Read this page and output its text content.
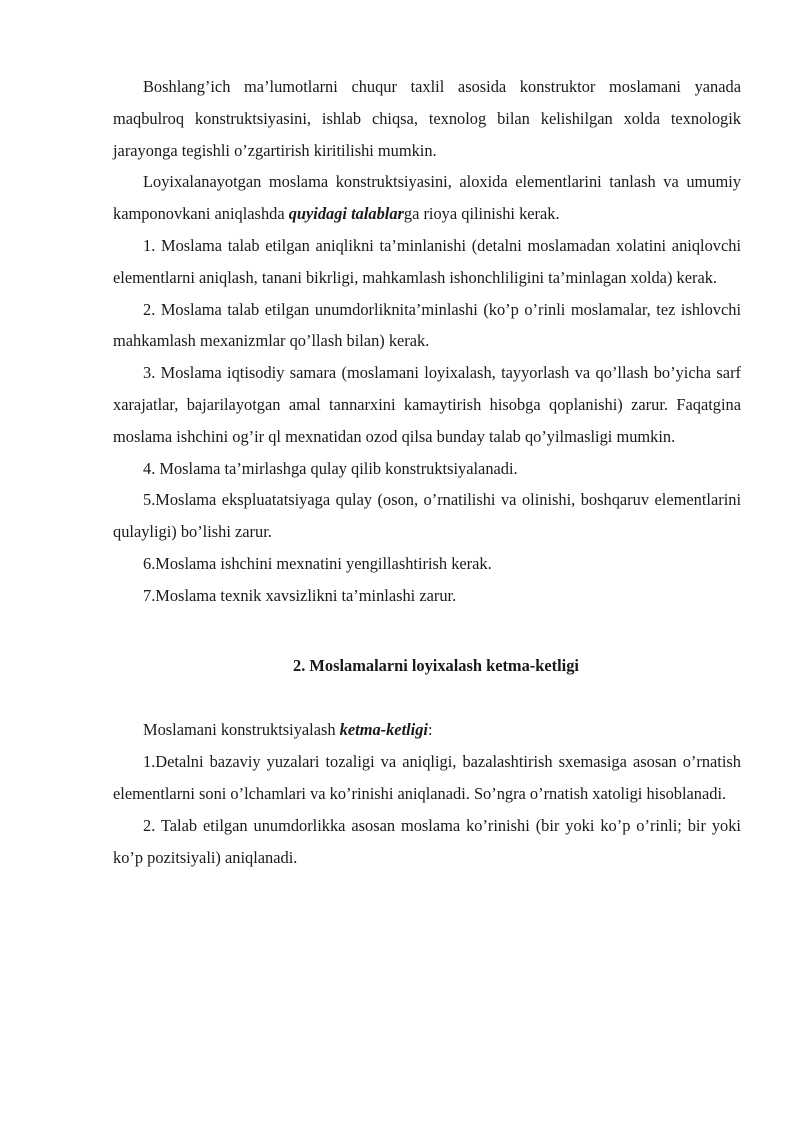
Boshlang’ich ma’lumotlarni chuqur taxlil asosida konstruktor moslamani yanada maqbulroq konstruktsiyasini, ishlab chiqsa, texnolog bilan kelishilgan xolda texnologik jarayonga tegishli o’zgartirish kiritilishi mumkin.

Loyixalanayotgan moslama konstruktsiyasini, aloxida elementlarini tanlash va umumiy kamponovkani aniqlashda quyidagi talablarga rioya qilinishi kerak.

1. Moslama talab etilgan aniqlikni ta’minlanishi (detalni moslamadan xolatini aniqlovchi elementlarni aniqlash, tanani bikrligi, mahkamlash ishonchliligini ta’minlagan xolda) kerak.

2. Moslama talab etilgan unumdorliknita’minlashi (ko’p o’rinli moslamalar, tez ishlovchi mahkamlash mexanizmlar qo’llash bilan) kerak.

3. Moslama iqtisodiy samara (moslamani loyixalash, tayyorlash va qo’llash bo’yicha sarf xarajatlar, bajarilayotgan amal tannarxini kamaytirish hisobga qoplanishi) zarur. Faqatgina moslama ishchini og’ir ql mexnatidan ozod qilsa bunday talab qo’yilmasligi mumkin.

4. Moslama ta’mirlashga qulay qilib konstruktsiyalanadi.

5.Moslama ekspluatatsiyaga qulay (oson, o’rnatilishi va olinishi, boshqaruv elementlarini qulayligi) bo’lishi zarur.

6.Moslama ishchini mexnatini yengillashtirish kerak.

7.Moslama texnik xavsizlikni ta’minlashi zarur.

2. Moslamalarni loyixalash ketma-ketligi

Moslamani konstruktsiyalash ketma-ketligi:

1.Detalni bazaviy yuzalari tozaligi va aniqligi, bazalashtirish sxemasiga asosan o’rnatish elementlarni soni o’lchamlari va ko’rinishi aniqlanadi. So’ngra o’rnatish xatoligi hisoblanadi.

2. Talab etilgan unumdorlikka asosan moslama ko’rinishi (bir yoki ko’p o’rinli; bir yoki ko’p pozitsiyali) aniqlanadi.
